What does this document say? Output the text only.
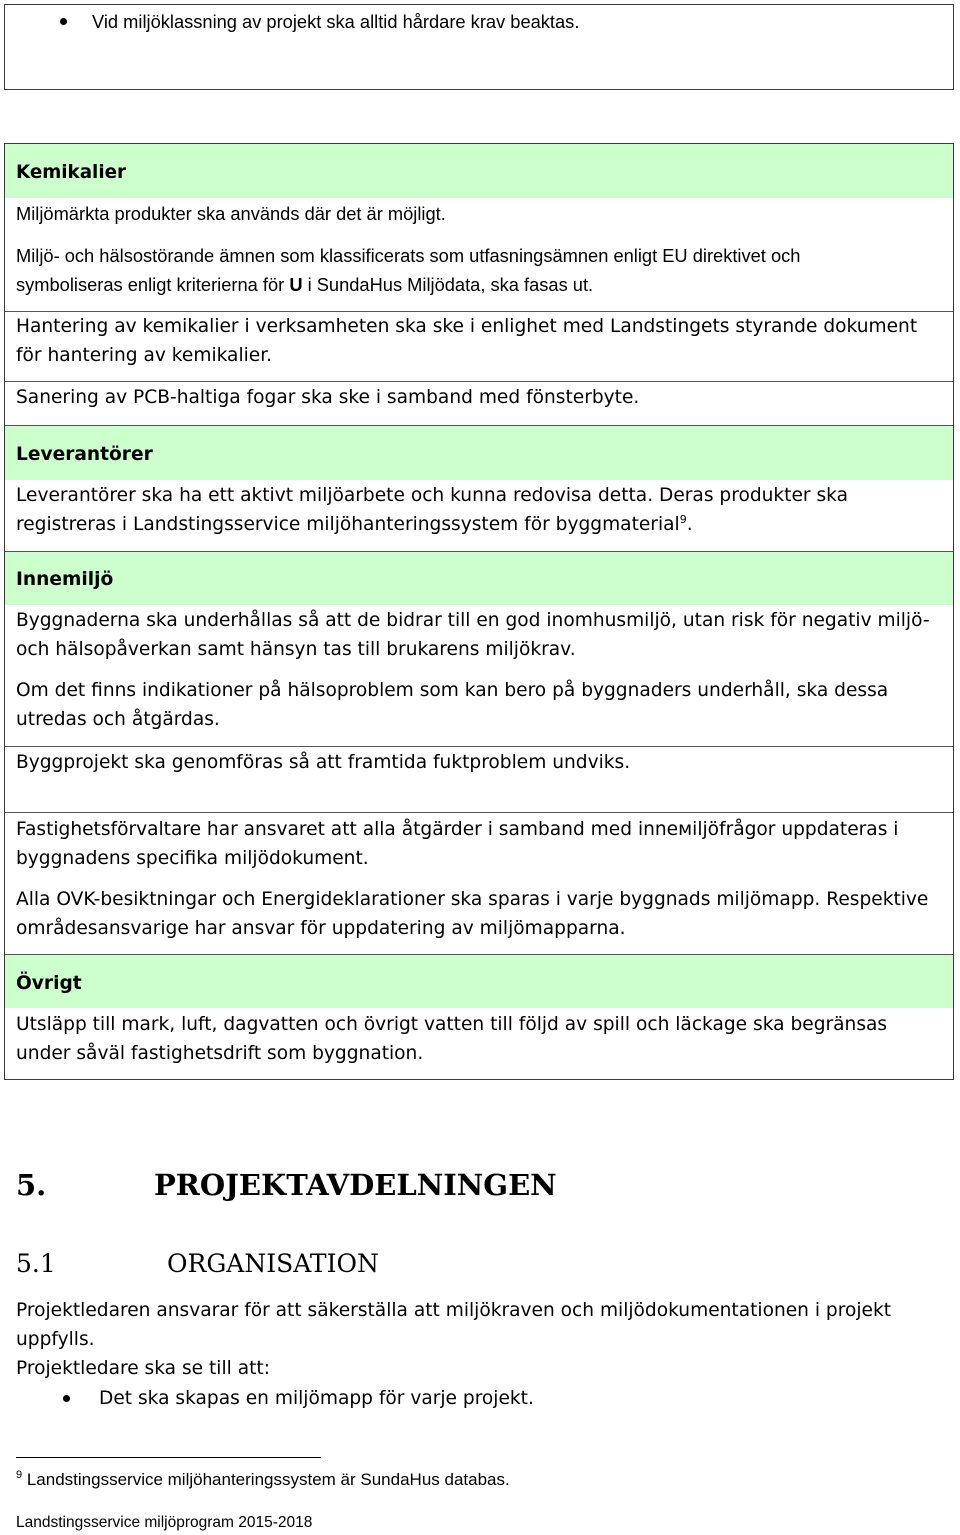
Vid miljöklassning av projekt ska alltid hårdare krav beaktas.

Kemikalier

Miljömärkta produkter ska används där det är möjligt.

Miljö- och hälsostörande ämnen som klassificerats som utfasningsämnen enligt EU direktivet och

symboliseras enligt kriterierna för U i SundaHus Miljödata, ska fasas ut.

Hantering av kemikalier i verksamheten ska ske i enlighet med Landstingets styrande dokument

för hantering av kemikalier.

Sanering av PCB-haltiga fogar ska ske i samband med fönsterbyte.

Leverantörer

Leverantörer ska ha ett aktivt miljöarbete och kunna redovisa detta. Deras produkter ska

registreras i Landstingsservice miljöhanteringssystem för byggmaterial$^9$.

Innemiljö

Byggnaderna ska underhållas så att de bidrar till en god inomhusmiljö, utan risk för negativ miljö-

och hälsopåverkan samt hänsyn tas till brukarens miljökrav.

Om det finns indikationer på hälsoproblem som kan bero på byggnaders underhåll, ska dessa

utredas och åtgärdas.

Byggprojekt ska genomföras så att framtida fuktproblem undviks.

Fastighetsförvaltare har ansvaret att alla åtgärder i samband med inneмiljöfrågor uppdateras i

byggnadens specifika miljödokument.

Alla OVK-besiktningar och Energideklarationer ska sparas i varje byggnads miljömapp. Respektive

områdesansvarige har ansvar för uppdatering av miljömapparna.

Övrigt

Utsläpp till mark, luft, dagvatten och övrigt vatten till följd av spill och läckage ska begränsas

under såväl fastighetsdrift som byggnation.

5.	PROJEKTAVDELNINGEN
5.1	ORGANISATION

Projektledaren ansvarar för att säkerställa att miljökraven och miljödokumentationen i projekt

uppfylls.

Projektledare ska se till att:

Det ska skapas en miljömapp för varje projekt.

$^9$ Landstingsservice miljöhanteringssystem är SundaHus databas.
Landstingsservice miljöprogram 2015-2018
